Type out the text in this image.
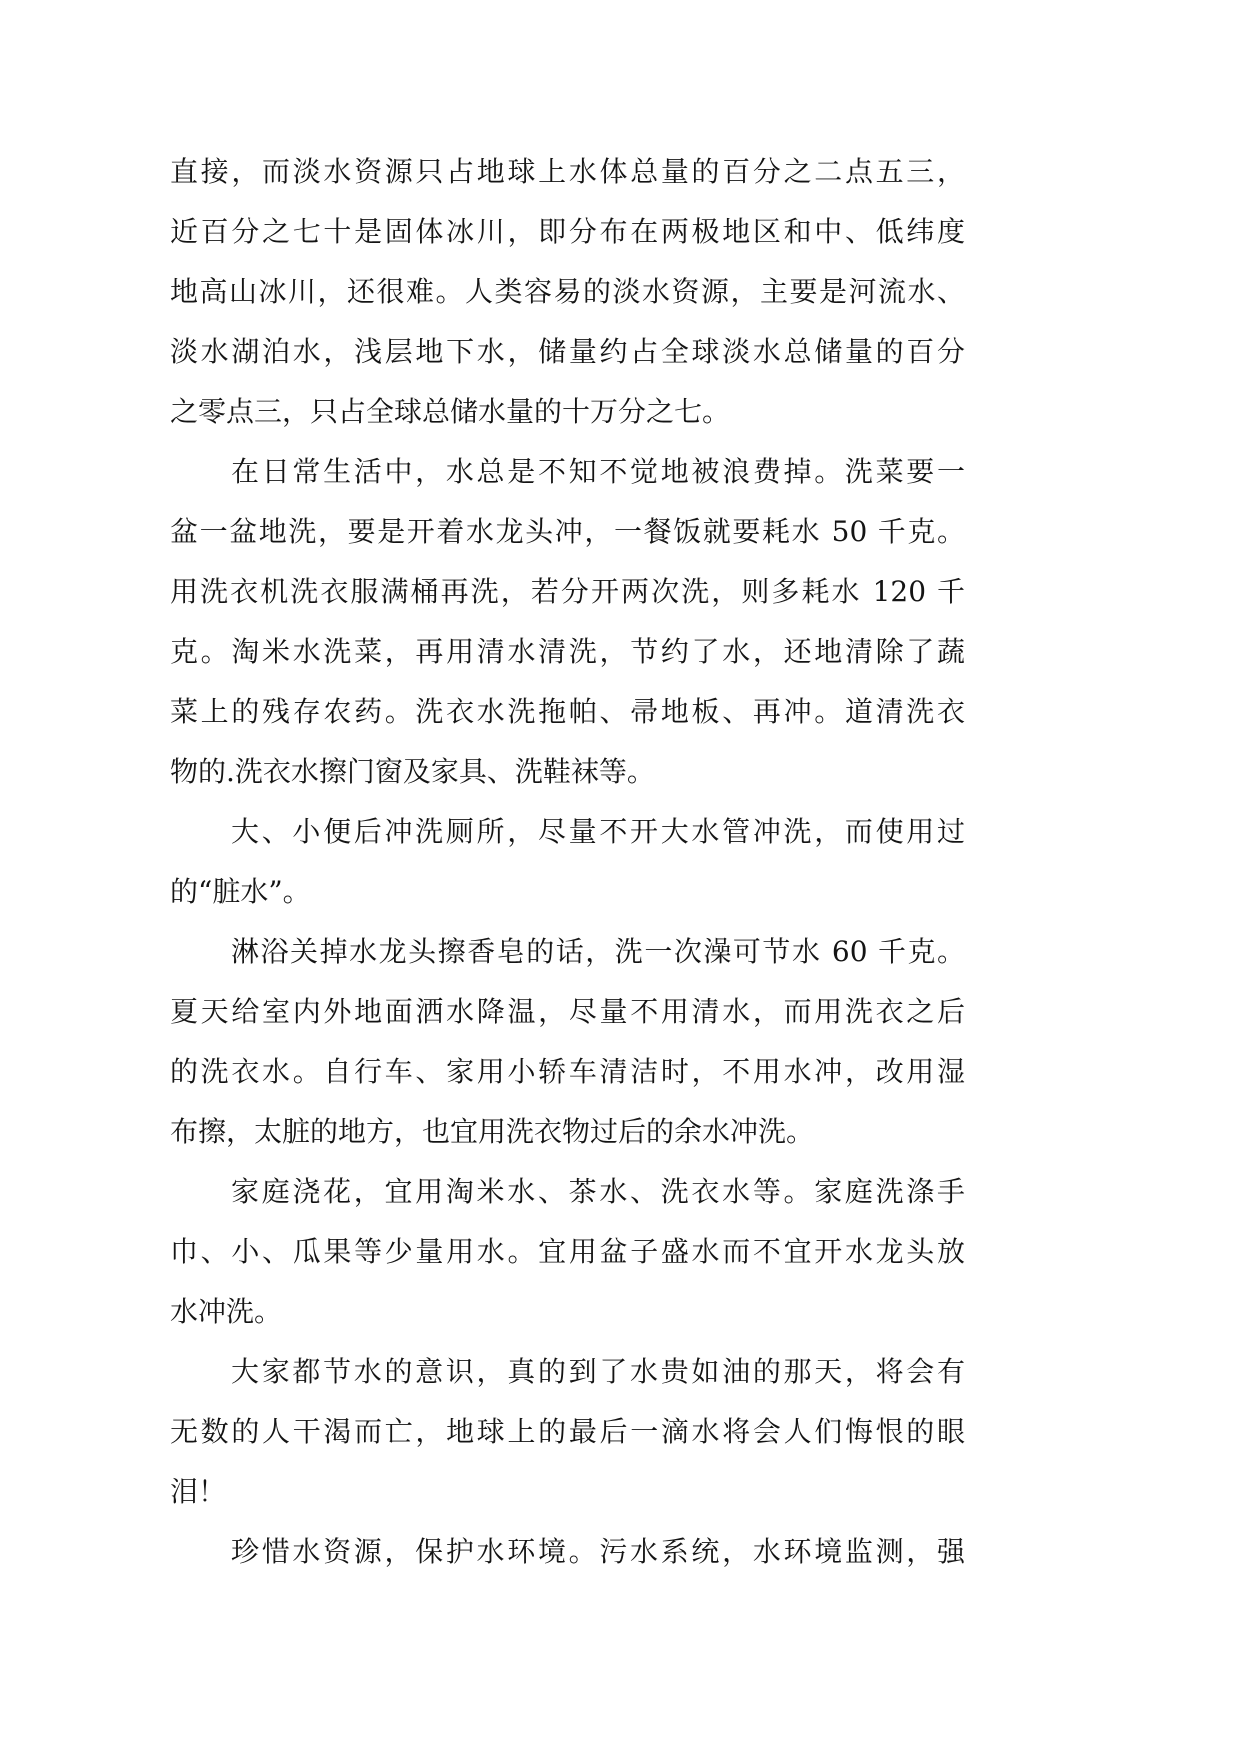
直接，而淡水资源只占地球上水体总量的百分之二点五三，
近百分之七十是固体冰川，即分布在两极地区和中、低纬度
地高山冰川，还很难。人类容易的淡水资源，主要是河流水、
淡水湖泊水，浅层地下水，储量约占全球淡水总储量的百分
之零点三，只占全球总储水量的十万分之七。
在日常生活中，水总是不知不觉地被浪费掉。洗菜要一
盆一盆地洗，要是开着水龙头冲，一餐饭就要耗水 50 千克。
用洗衣机洗衣服满桶再洗，若分开两次洗，则多耗水 120 千
克。淘米水洗菜，再用清水清洗，节约了水，还地清除了蔬
菜上的残存农药。洗衣水洗拖帕、帚地板、再冲。道清洗衣
物的.洗衣水擦门窗及家具、洗鞋袜等。
大、小便后冲洗厕所，尽量不开大水管冲洗，而使用过
的“脏水”。
淋浴关掉水龙头擦香皂的话，洗一次澡可节水 60 千克。
夏天给室内外地面洒水降温，尽量不用清水，而用洗衣之后
的洗衣水。自行车、家用小轿车清洁时，不用水冲，改用湿
布擦，太脏的地方，也宜用洗衣物过后的余水冲洗。
家庭浇花，宜用淘米水、茶水、洗衣水等。家庭洗涤手
巾、小、瓜果等少量用水。宜用盆子盛水而不宜开水龙头放
水冲洗。
大家都节水的意识，真的到了水贵如油的那天，将会有
无数的人干渴而亡，地球上的最后一滴水将会人们悔恨的眼
泪！
珍惜水资源，保护水环境。污水系统，水环境监测，强
